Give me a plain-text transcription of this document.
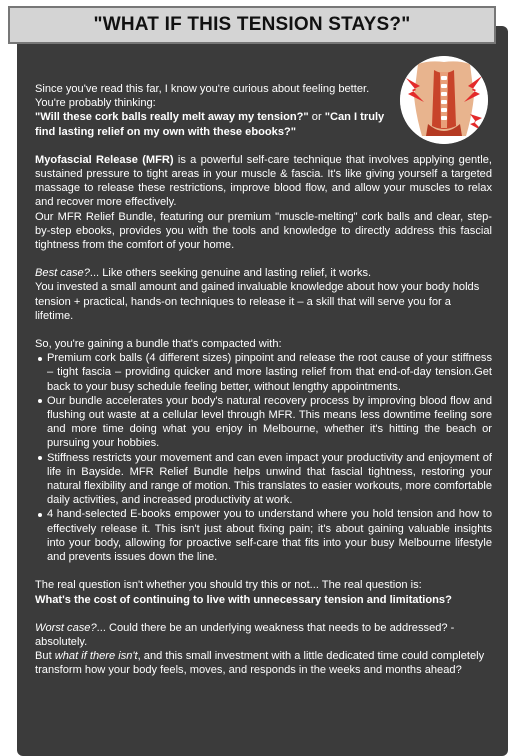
"WHAT IF THIS TENSION STAYS?"

Since you've read this far, I know you're curious about feeling better.

You're probably thinking:

"Will these cork balls really melt away my tension?" or "Can I truly find lasting relief on my own with these ebooks?"

Myofascial Release (MFR) is a powerful self-care technique that involves applying gentle, sustained pressure to tight areas in your muscle & fascia. It's like giving yourself a targeted massage to release these restrictions, improve blood flow, and allow your muscles to relax and recover more effectively.

Our MFR Relief Bundle, featuring our premium "muscle-melting" cork balls and clear, step-by-step ebooks, provides you with the tools and knowledge to directly address this fascial tightness from the comfort of your home.

Best case?... Like others seeking genuine and lasting relief, it works.

You invested a small amount and gained invaluable knowledge about how your body holds tension + practical, hands-on techniques to release it – a skill that will serve you for a lifetime.

So, you're gaining a bundle that's compacted with:

Premium cork balls (4 different sizes) pinpoint and release the root cause of your stiffness – tight fascia – providing quicker and more lasting relief from that end-of-day tension.Get back to your busy schedule feeling better, without lengthy appointments.
Our bundle accelerates your body's natural recovery process by improving blood flow and flushing out waste at a cellular level through MFR. This means less downtime feeling sore and more time doing what you enjoy in Melbourne, whether it's hitting the beach or pursuing your hobbies.
Stiffness restricts your movement and can even impact your productivity and enjoyment of life in Bayside. MFR Relief Bundle helps unwind that fascial tightness, restoring your natural flexibility and range of motion. This translates to easier workouts, more comfortable daily activities, and increased productivity at work.
4 hand-selected E-books empower you to understand where you hold tension and how to effectively release it. This isn't just about fixing pain; it's about gaining valuable insights into your body, allowing for proactive self-care that fits into your busy Melbourne lifestyle and prevents issues down the line.

The real question isn't whether you should try this or not... The real question is:

What's the cost of continuing to live with unnecessary tension and limitations?

Worst case?... Could there be an underlying weakness that needs to be addressed? - absolutely.

But what if there isn't, and this small investment with a little dedicated time could completely transform how your body feels, moves, and responds in the weeks and months ahead?
